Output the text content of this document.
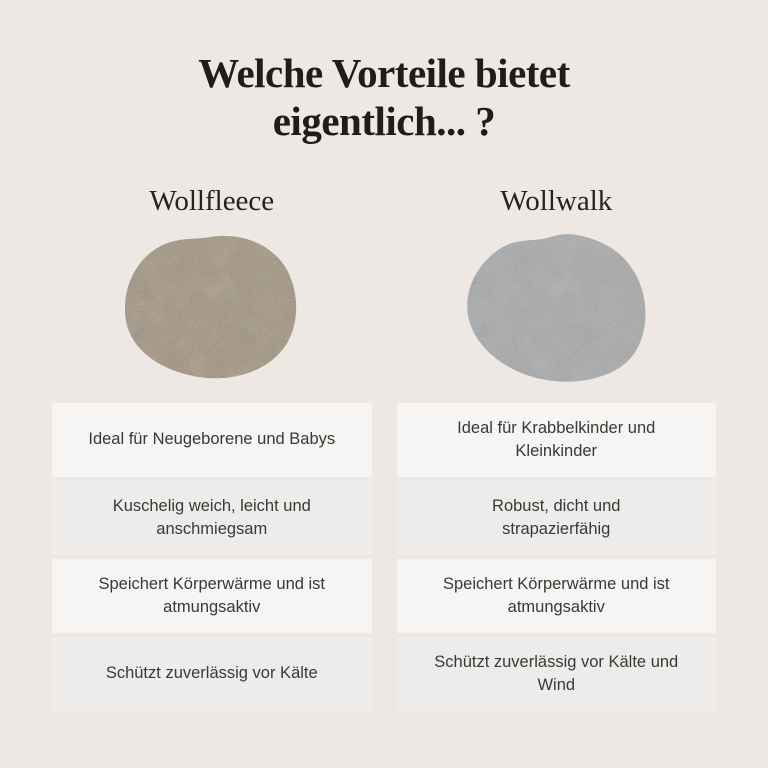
Welche Vorteile bietet
eigentlich... ?
Wollfleece
Ideal für Neugeborene und Babys
Kuschelig weich, leicht und
anschmiegsam
Speichert Körperwärme und ist
atmungsaktiv
Schützt zuverlässig vor Kälte
Wollwalk
Ideal für Krabbelkinder und
Kleinkinder
Robust, dicht und
strapazierfähig
Speichert Körperwärme und ist
atmungsaktiv
Schützt zuverlässig vor Kälte und
Wind
